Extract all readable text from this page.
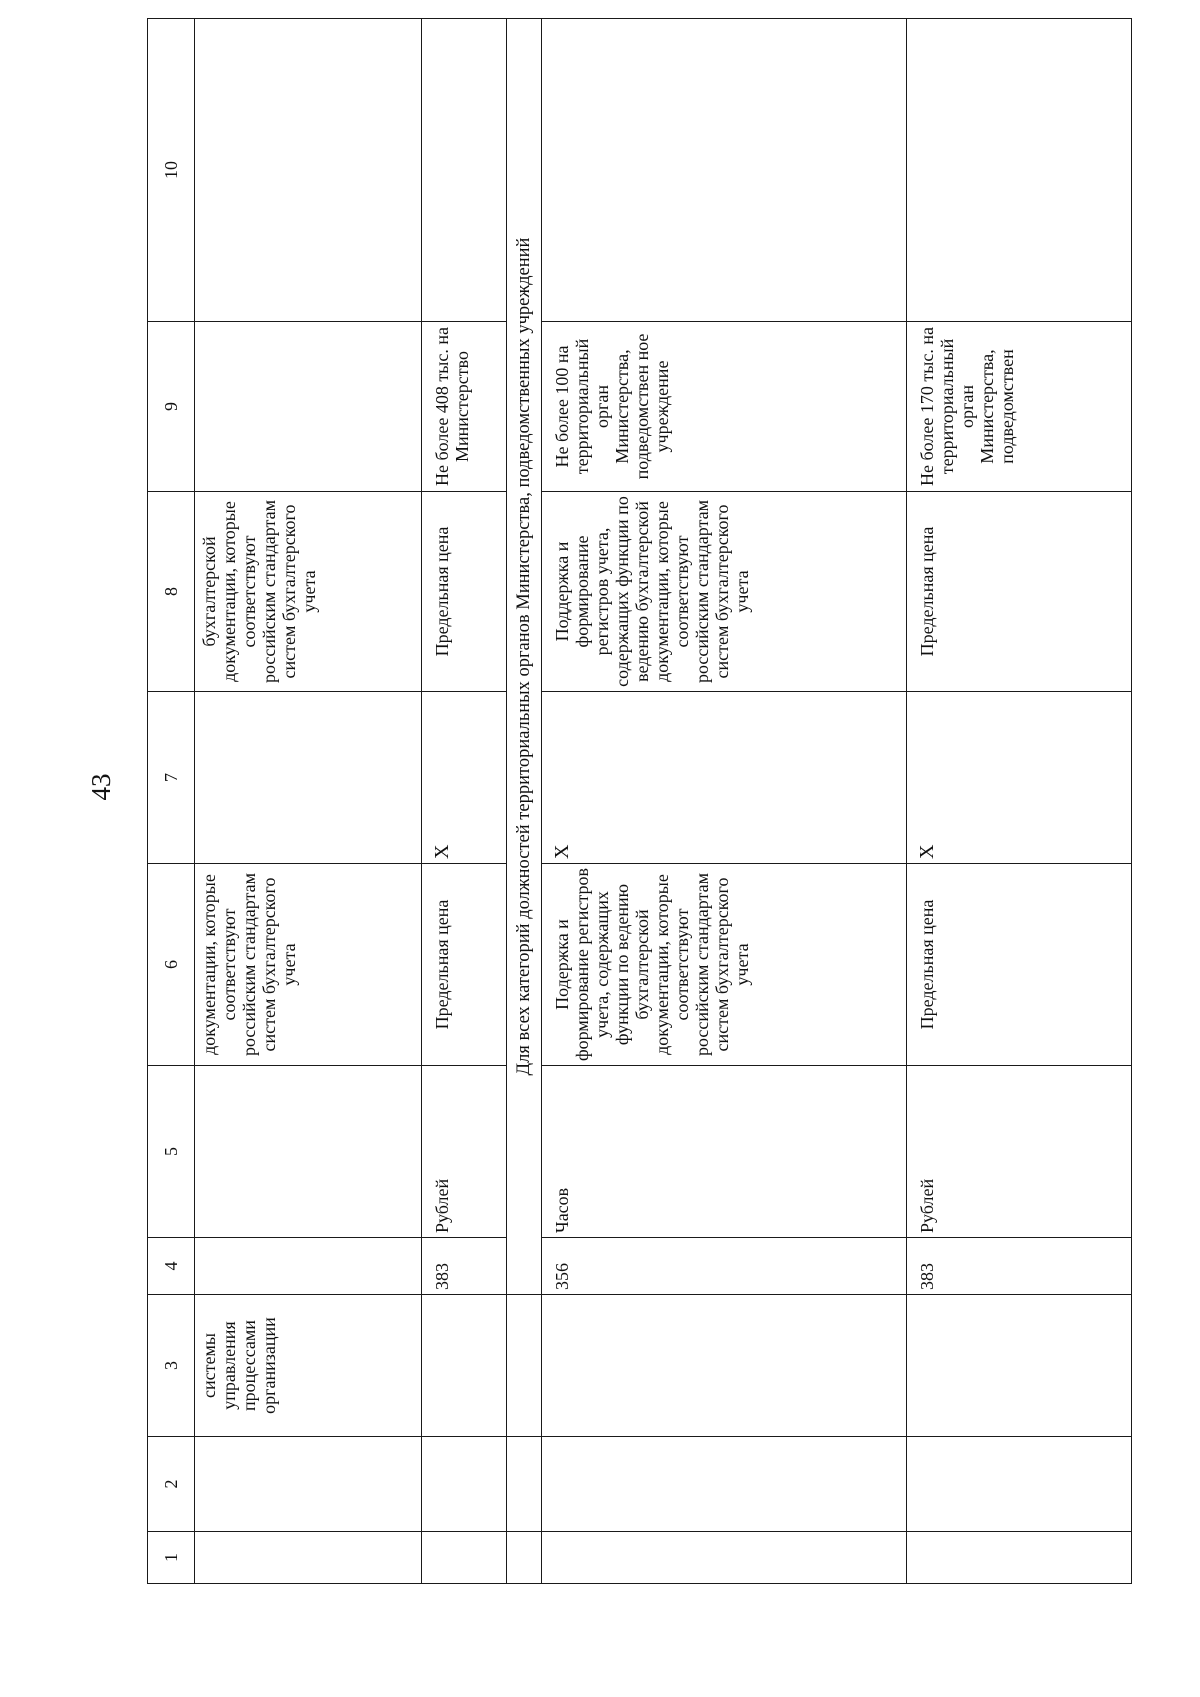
43
1	2	3	4	5	6	7	8	9	10
		системы управления процессами организации			документации, которые соответствуют российским стандартам систем бухгалтерского учета		бухгалтерской документации, которые соответствуют российским стандартам систем бухгалтерского учета		
			383	Рублей	Предельная цена	X	Предельная цена	Не более 408 тыс. на Министерство	
			Для всех категорий должностей территориальных органов Министерства, подведомственных учреждений						
			356	Часов	Подержка и формирование регистров учета, содержащих функции по ведению бухгалтерской документации, которые соответствуют российским стандартам систем бухгалтерского учета	X	Поддержка и формирование регистров учета, содержащих функции по ведению бухгалтерской документации, которые соответствуют российским стандартам систем бухгалтерского учета	Не более 100 на территориальный орган Министерства, подведомствен ное учреждение	
			383	Рублей	Предельная цена	X	Предельная цена	Не более 170 тыс. на территориальный орган Министерства, подведомствен	
